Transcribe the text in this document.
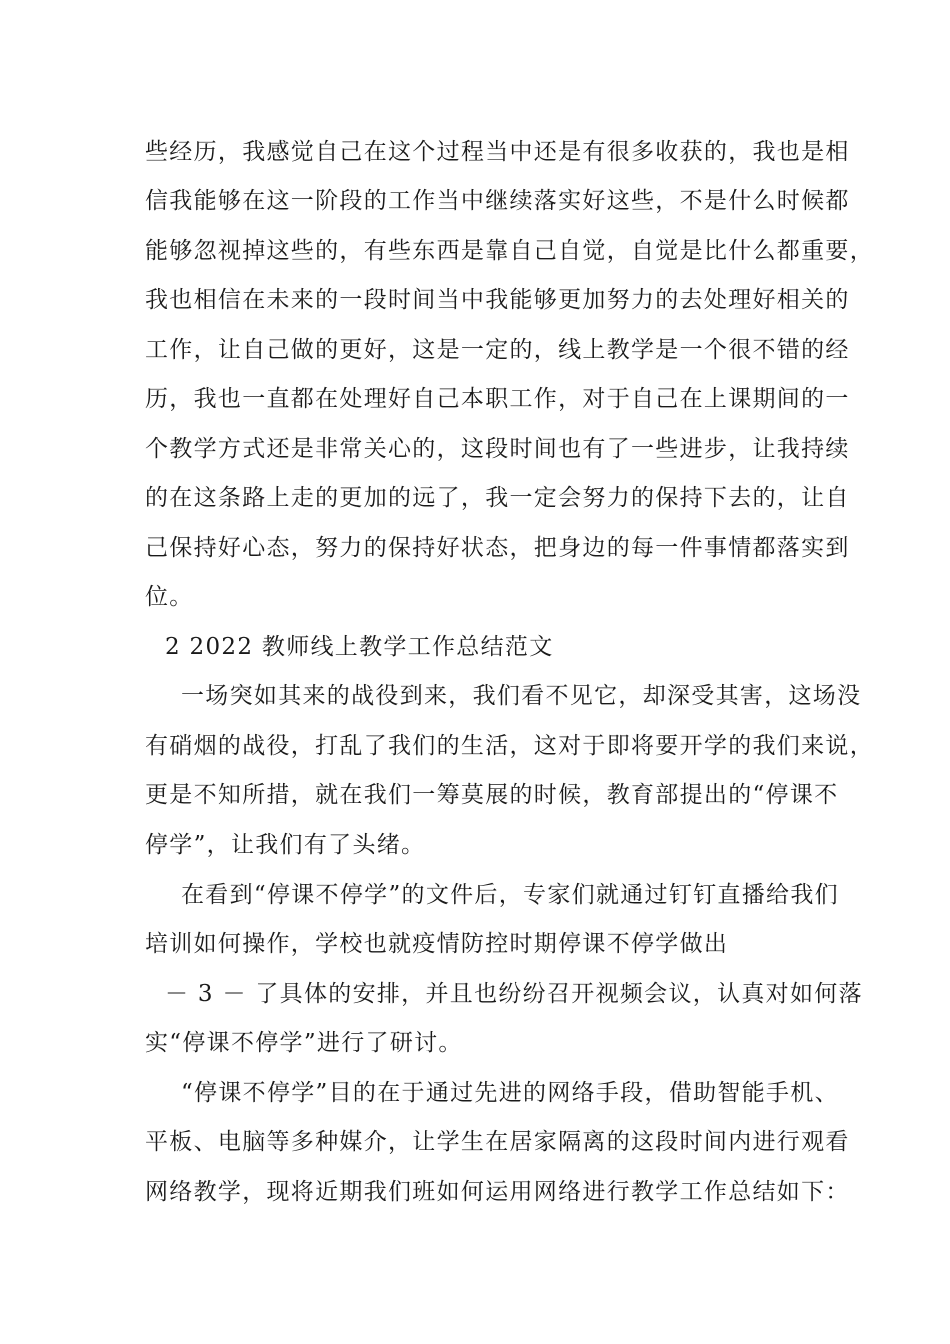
些经历，我感觉自己在这个过程当中还是有很多收获的，我也是相
信我能够在这一阶段的工作当中继续落实好这些，不是什么时候都
能够忽视掉这些的，有些东西是靠自己自觉，自觉是比什么都重要，
我也相信在未来的一段时间当中我能够更加努力的去处理好相关的
工作，让自己做的更好，这是一定的，线上教学是一个很不错的经
历，我也一直都在处理好自己本职工作，对于自己在上课期间的一
个教学方式还是非常关心的，这段时间也有了一些进步，让我持续
的在这条路上走的更加的远了，我一定会努力的保持下去的，让自
己保持好心态，努力的保持好状态，把身边的每一件事情都落实到
位。
2 2022 教师线上教学工作总结范文
一场突如其来的战役到来，我们看不见它，却深受其害，这场没
有硝烟的战役，打乱了我们的生活，这对于即将要开学的我们来说，
更是不知所措，就在我们一筹莫展的时候，教育部提出的“停课不
停学”，让我们有了头绪。
在看到“停课不停学”的文件后，专家们就通过钉钉直播给我们
培训如何操作，学校也就疫情防控时期停课不停学做出
－ 3 － 了具体的安排，并且也纷纷召开视频会议，认真对如何落
实“停课不停学”进行了研讨。
“停课不停学”目的在于通过先进的网络手段，借助智能手机、
平板、电脑等多种媒介，让学生在居家隔离的这段时间内进行观看
网络教学，现将近期我们班如何运用网络进行教学工作总结如下：
